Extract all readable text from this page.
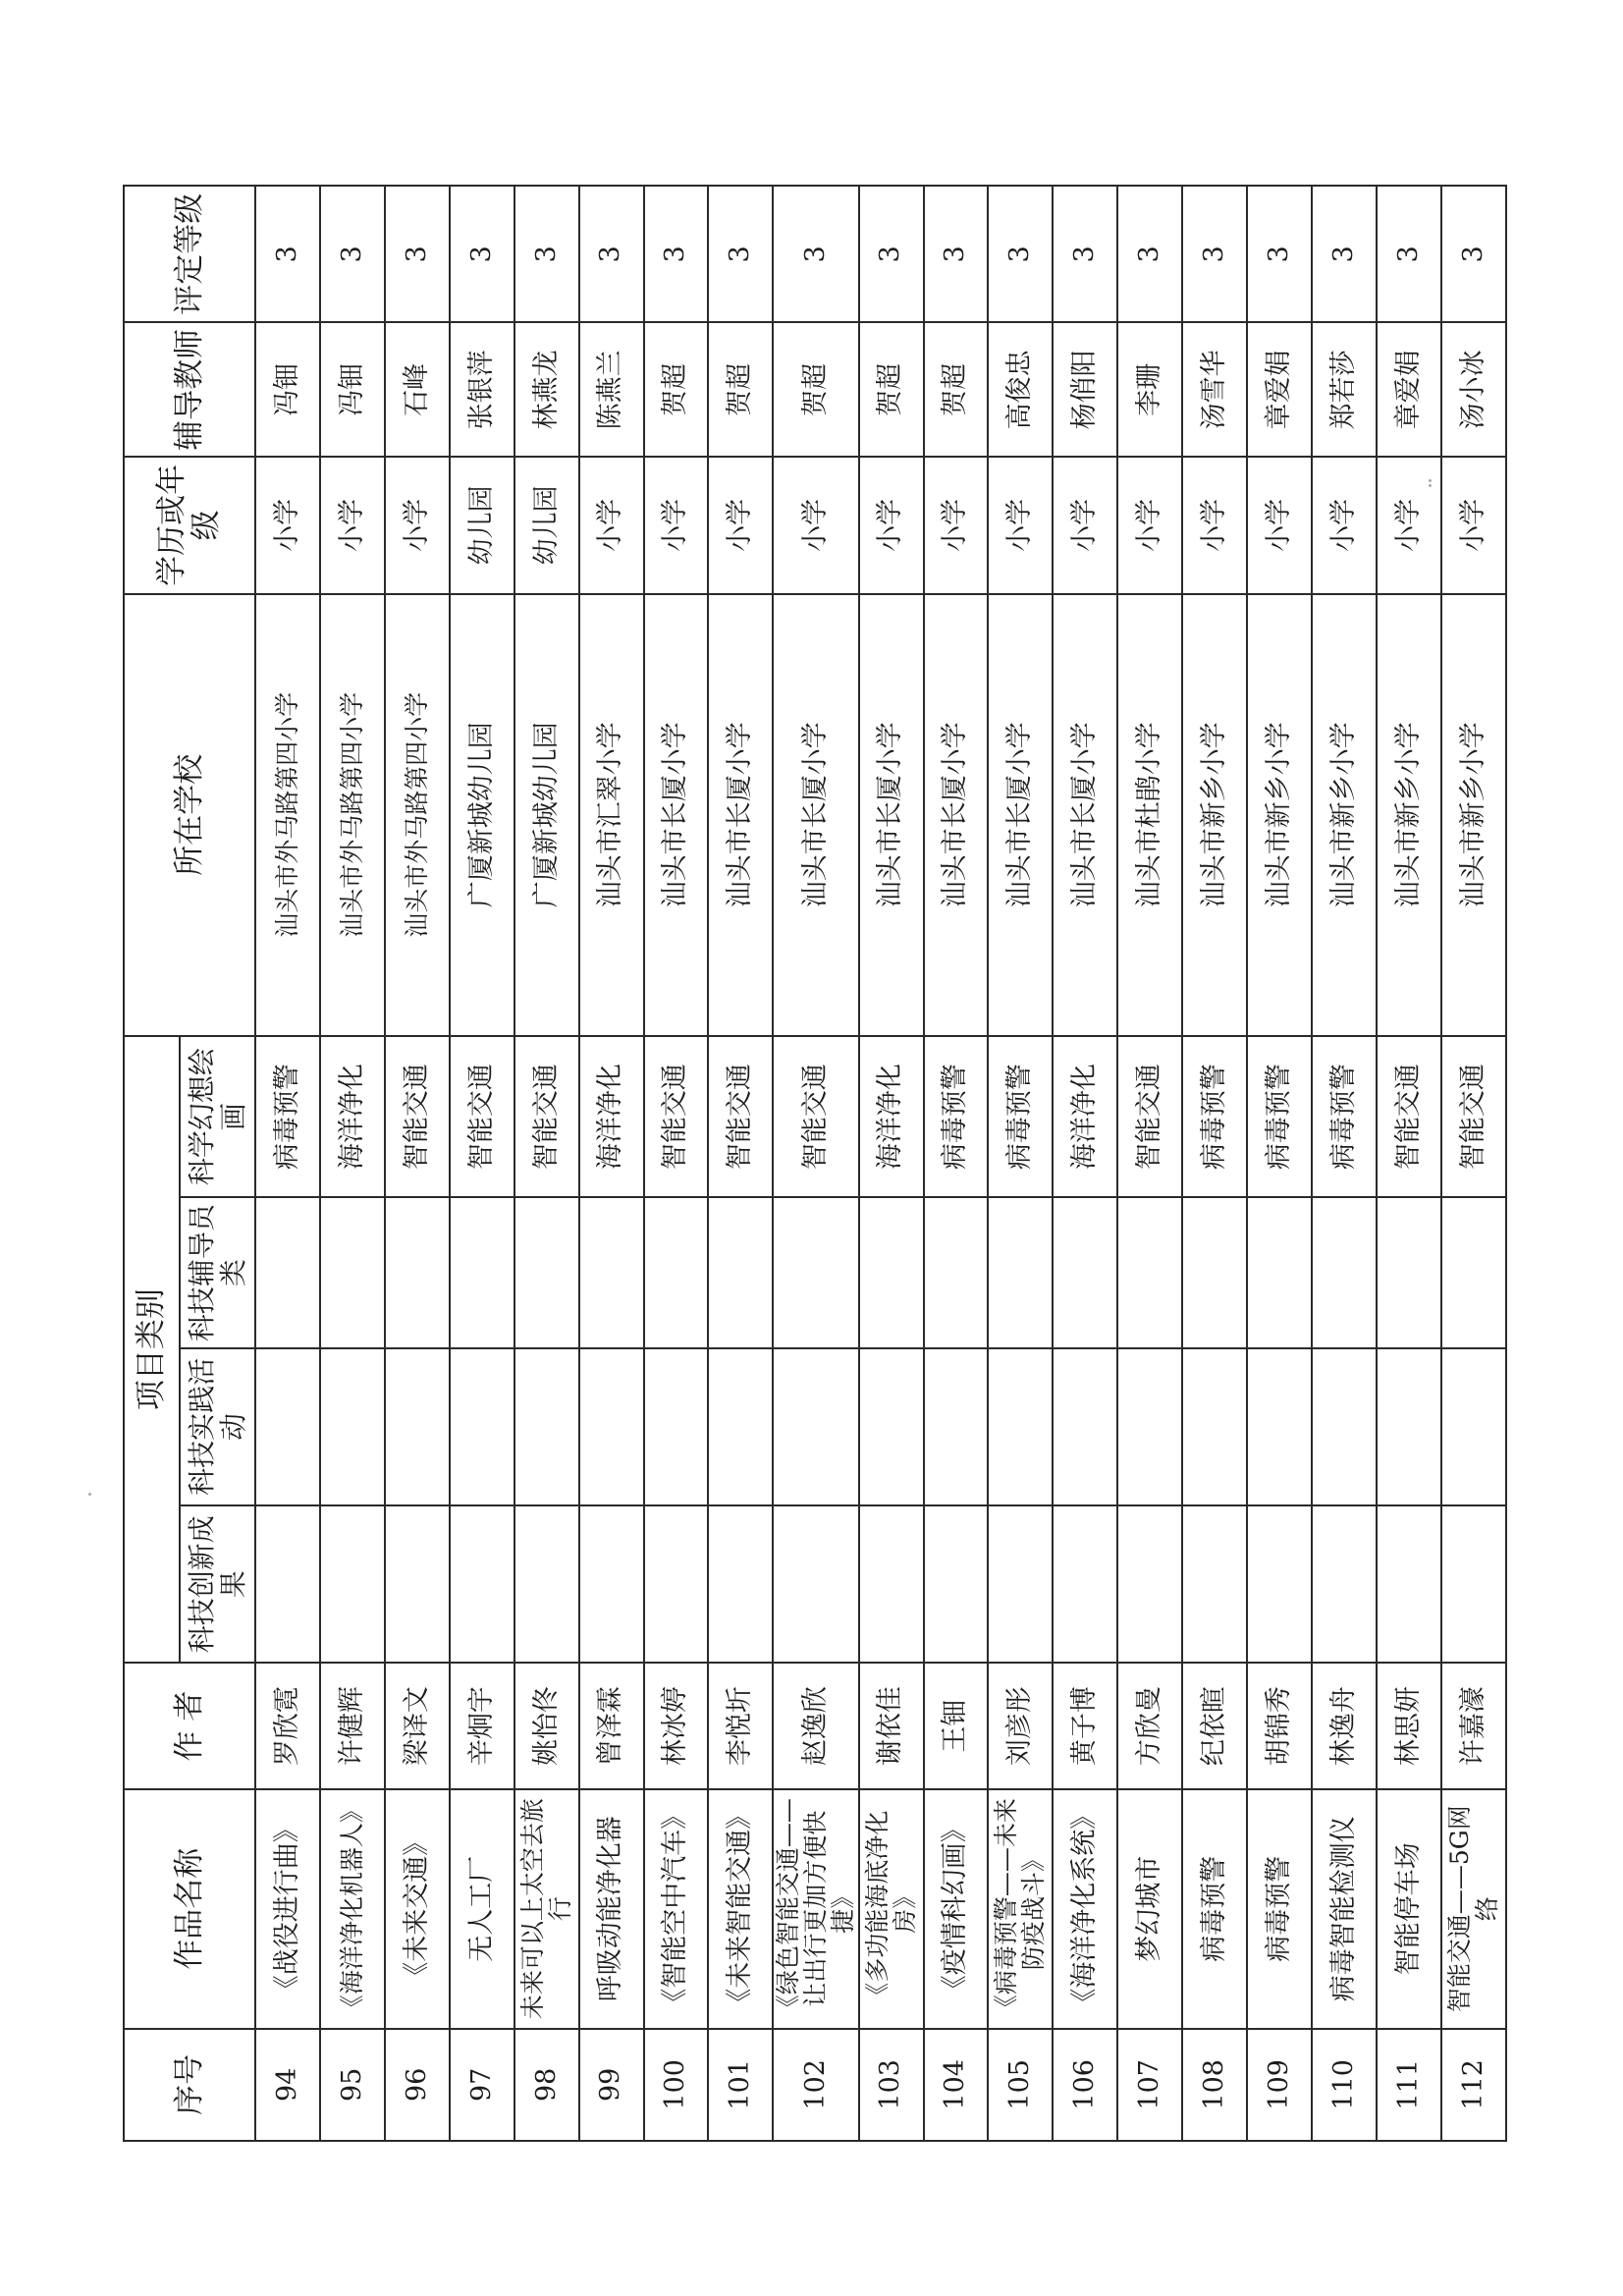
序号	作品名称	作 者	项目类别				所在学校	学历或年级	辅导教师	评定等级
			科技创新成果	科技实践活动	科技辅导员类	科学幻想绘画				
94	《战役进行曲》	罗欣霓				病毒预警	汕头市外马路第四小学	小学	冯钿	3
95	《海洋净化机器人》	许健辉				海洋净化	汕头市外马路第四小学	小学	冯钿	3
96	《未来交通》	梁译文				智能交通	汕头市外马路第四小学	小学	石峰	3
97	无人工厂	辛炯宇				智能交通	广厦新城幼儿园	幼儿园	张银萍	3
98	未来可以上太空去旅行	姚怡佟				智能交通	广厦新城幼儿园	幼儿园	林燕龙	3
99	呼吸动能净化器	曾泽霖				海洋净化	汕头市汇翠小学	小学	陈燕兰	3
100	《智能空中汽车》	林冰婷				智能交通	汕头市长厦小学	小学	贺超	3
101	《未来智能交通》	李悦圻				智能交通	汕头市长厦小学	小学	贺超	3
102	《绿色智能交通——让出行更加方便快捷》	赵逸欣				智能交通	汕头市长厦小学	小学	贺超	3
103	《多功能海底净化房》	谢依佳				海洋净化	汕头市长厦小学	小学	贺超	3
104	《疫情科幻画》	王钿				病毒预警	汕头市长厦小学	小学	贺超	3
105	《病毒预警——未来防疫战斗》	刘彦彤				病毒预警	汕头市长厦小学	小学	高俊忠	3
106	《海洋净化系统》	黄子博				海洋净化	汕头市长厦小学	小学	杨俏阳	3
107	梦幻城市	方欣曼				智能交通	汕头市杜鹃小学	小学	李珊	3
108	病毒预警	纪依暄				病毒预警	汕头市新乡小学	小学	汤雪华	3
109	病毒预警	胡锦秀				病毒预警	汕头市新乡小学	小学	章爱娟	3
110	病毒智能检测仪	林逸舟				病毒预警	汕头市新乡小学	小学	郑若莎	3
111	智能停车场	林思妍				智能交通	汕头市新乡小学	小学	章爱娟	3
112	智能交通——5G网络	许嘉濠				智能交通	汕头市新乡小学	小学	汤小冰	3
